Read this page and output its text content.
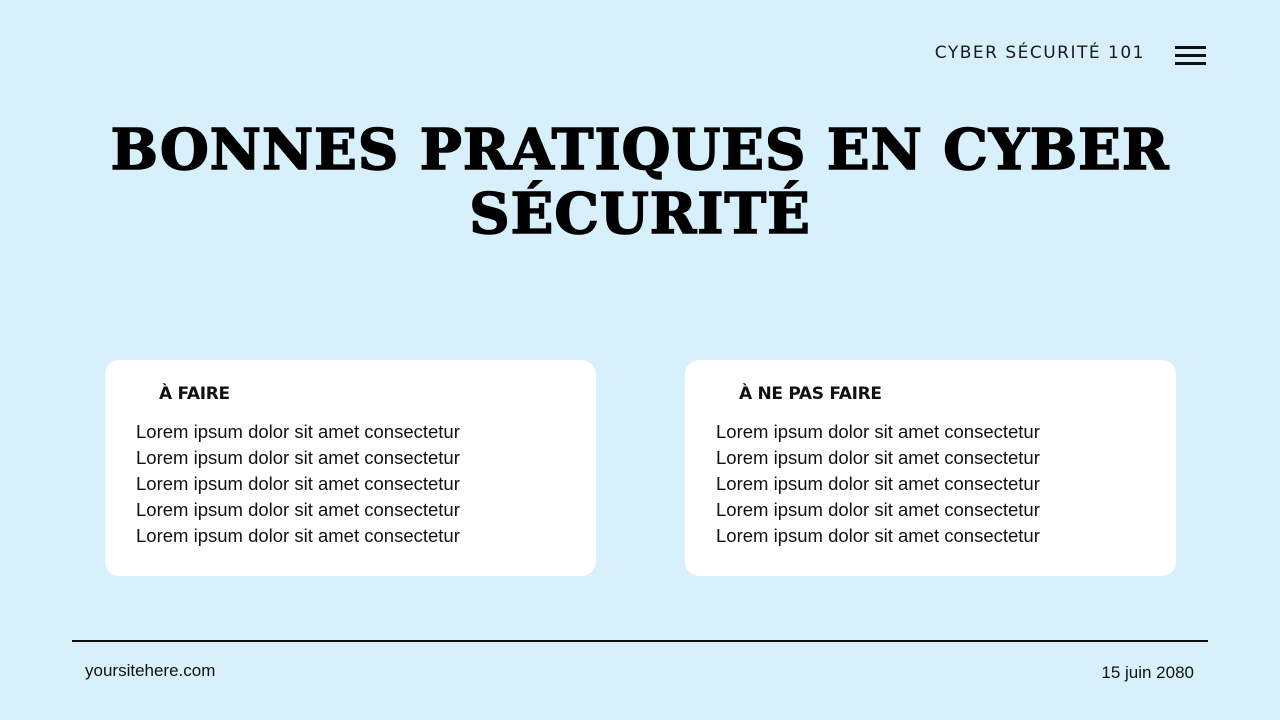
CYBER SÉCURITÉ 101
BONNES PRATIQUES EN CYBER
SÉCURITÉ
À FAIRE
Lorem ipsum dolor sit amet consectetur
Lorem ipsum dolor sit amet consectetur
Lorem ipsum dolor sit amet consectetur
Lorem ipsum dolor sit amet consectetur
Lorem ipsum dolor sit amet consectetur
À NE PAS FAIRE
Lorem ipsum dolor sit amet consectetur
Lorem ipsum dolor sit amet consectetur
Lorem ipsum dolor sit amet consectetur
Lorem ipsum dolor sit amet consectetur
Lorem ipsum dolor sit amet consectetur
yoursitehere.com	15 juin 2080
